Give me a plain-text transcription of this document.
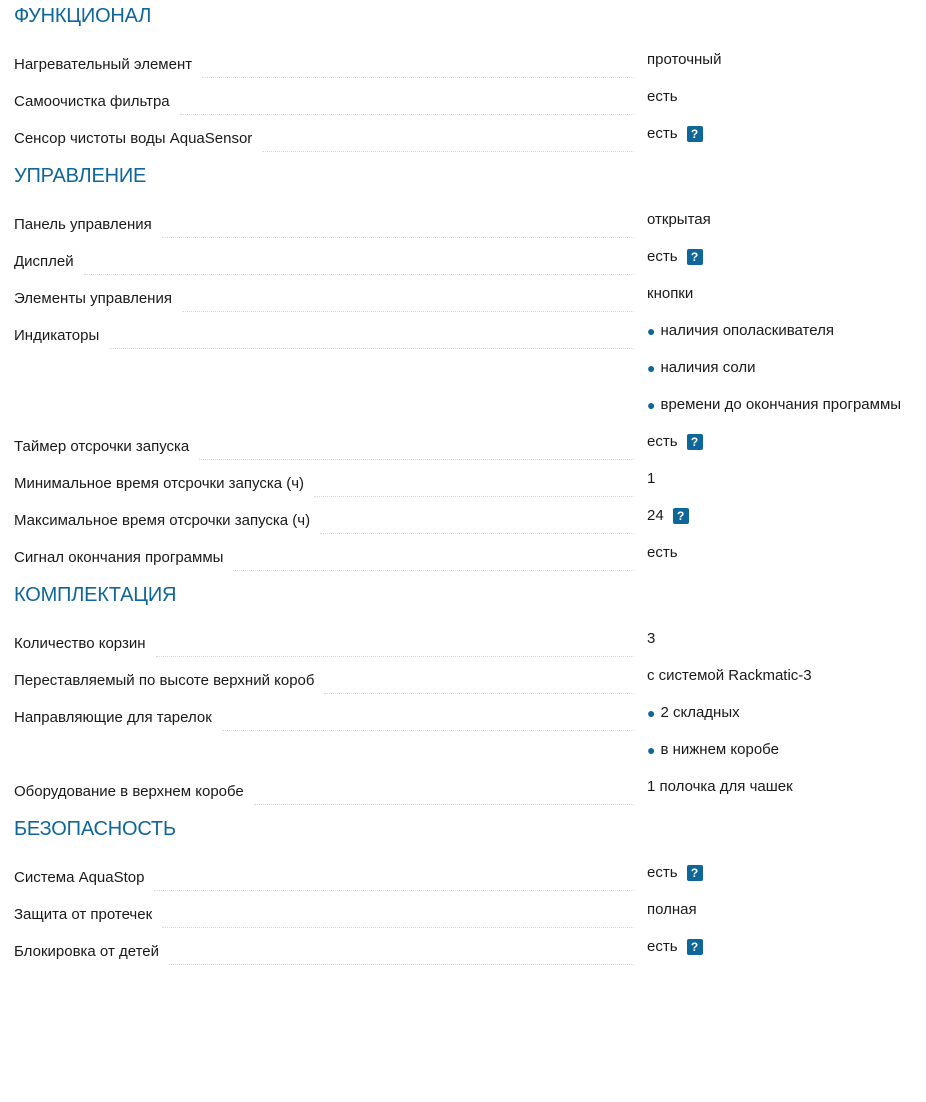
ФУНКЦИОНАЛ
Нагревательный элемент	проточный
Самоочистка фильтра	есть
Сенсор чистоты воды AquaSensor	есть	?
УПРАВЛЕНИЕ
Панель управления	открытая
Дисплей	есть	?
Элементы управления	кнопки
Индикаторы	● наличия ополаскивателя
● наличия соли
● времени до окончания программы
Таймер отсрочки запуска	есть	?
Минимальное время отсрочки запуска (ч)	1
Максимальное время отсрочки запуска (ч)	24	?
Сигнал окончания программы	есть
КОМПЛЕКТАЦИЯ
Количество корзин	3
Переставляемый по высоте верхний короб	с системой Rackmatic-3
Направляющие для тарелок	● 2 складных
● в нижнем коробе
Оборудование в верхнем коробе	1 полочка для чашек
БЕЗОПАСНОСТЬ
Система AquaStop	есть	?
Защита от протечек	полная
Блокировка от детей	есть	?
